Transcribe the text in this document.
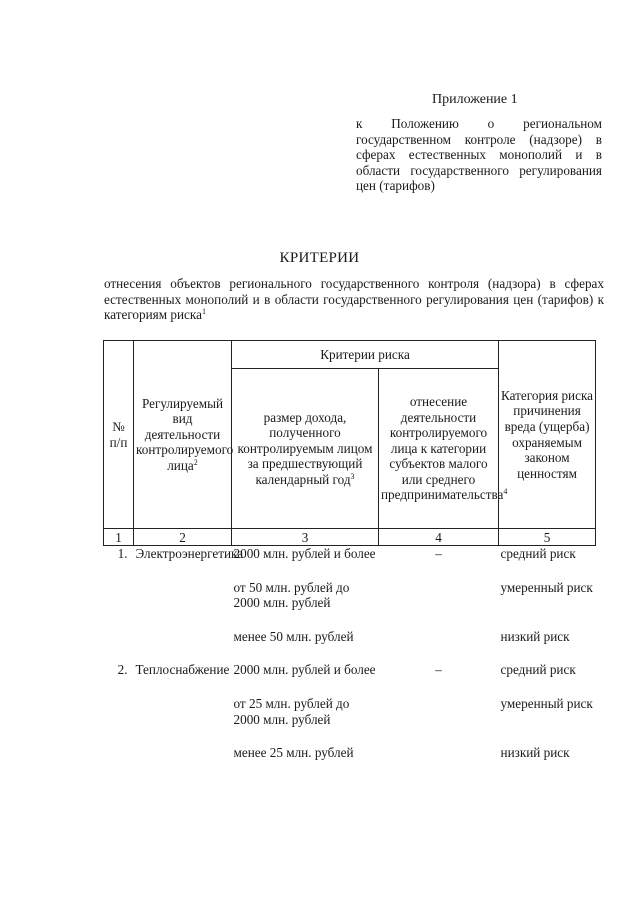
Приложение 1
к Положению о региональном государственном контроле (надзоре) в сферах естественных монополий и в области государственного регулирования цен (тарифов)
КРИТЕРИИ
отнесения объектов регионального государственного контроля (надзора) в сферах естественных монополий и в области государственного регулирования цен (тарифов) к категориям риска$^1$
№ п/п	Регулируемый вид деятельности контролируемого лица$^2$	Критерии риска		Категория риска причинения вреда (ущерба) охраняемым законом ценностям
		размер дохода, полученного контролируемым лицом за предшествующий календарный год$^3$	отнесение деятельности контролируемого лица к категории субъектов малого или среднего предпринимательства$^4$
1	2	3	4	5
1.	Электроэнергетика	2000 млн. рублей и более	–	средний риск

		от 50 млн. рублей до 2000 млн. рублей		умеренный риск

		менее 50 млн. рублей		низкий риск

2.	Теплоснабжение	2000 млн. рублей и более	–	средний риск

		от 25 млн. рублей до 2000 млн. рублей		умеренный риск

		менее 25 млн. рублей		низкий риск
